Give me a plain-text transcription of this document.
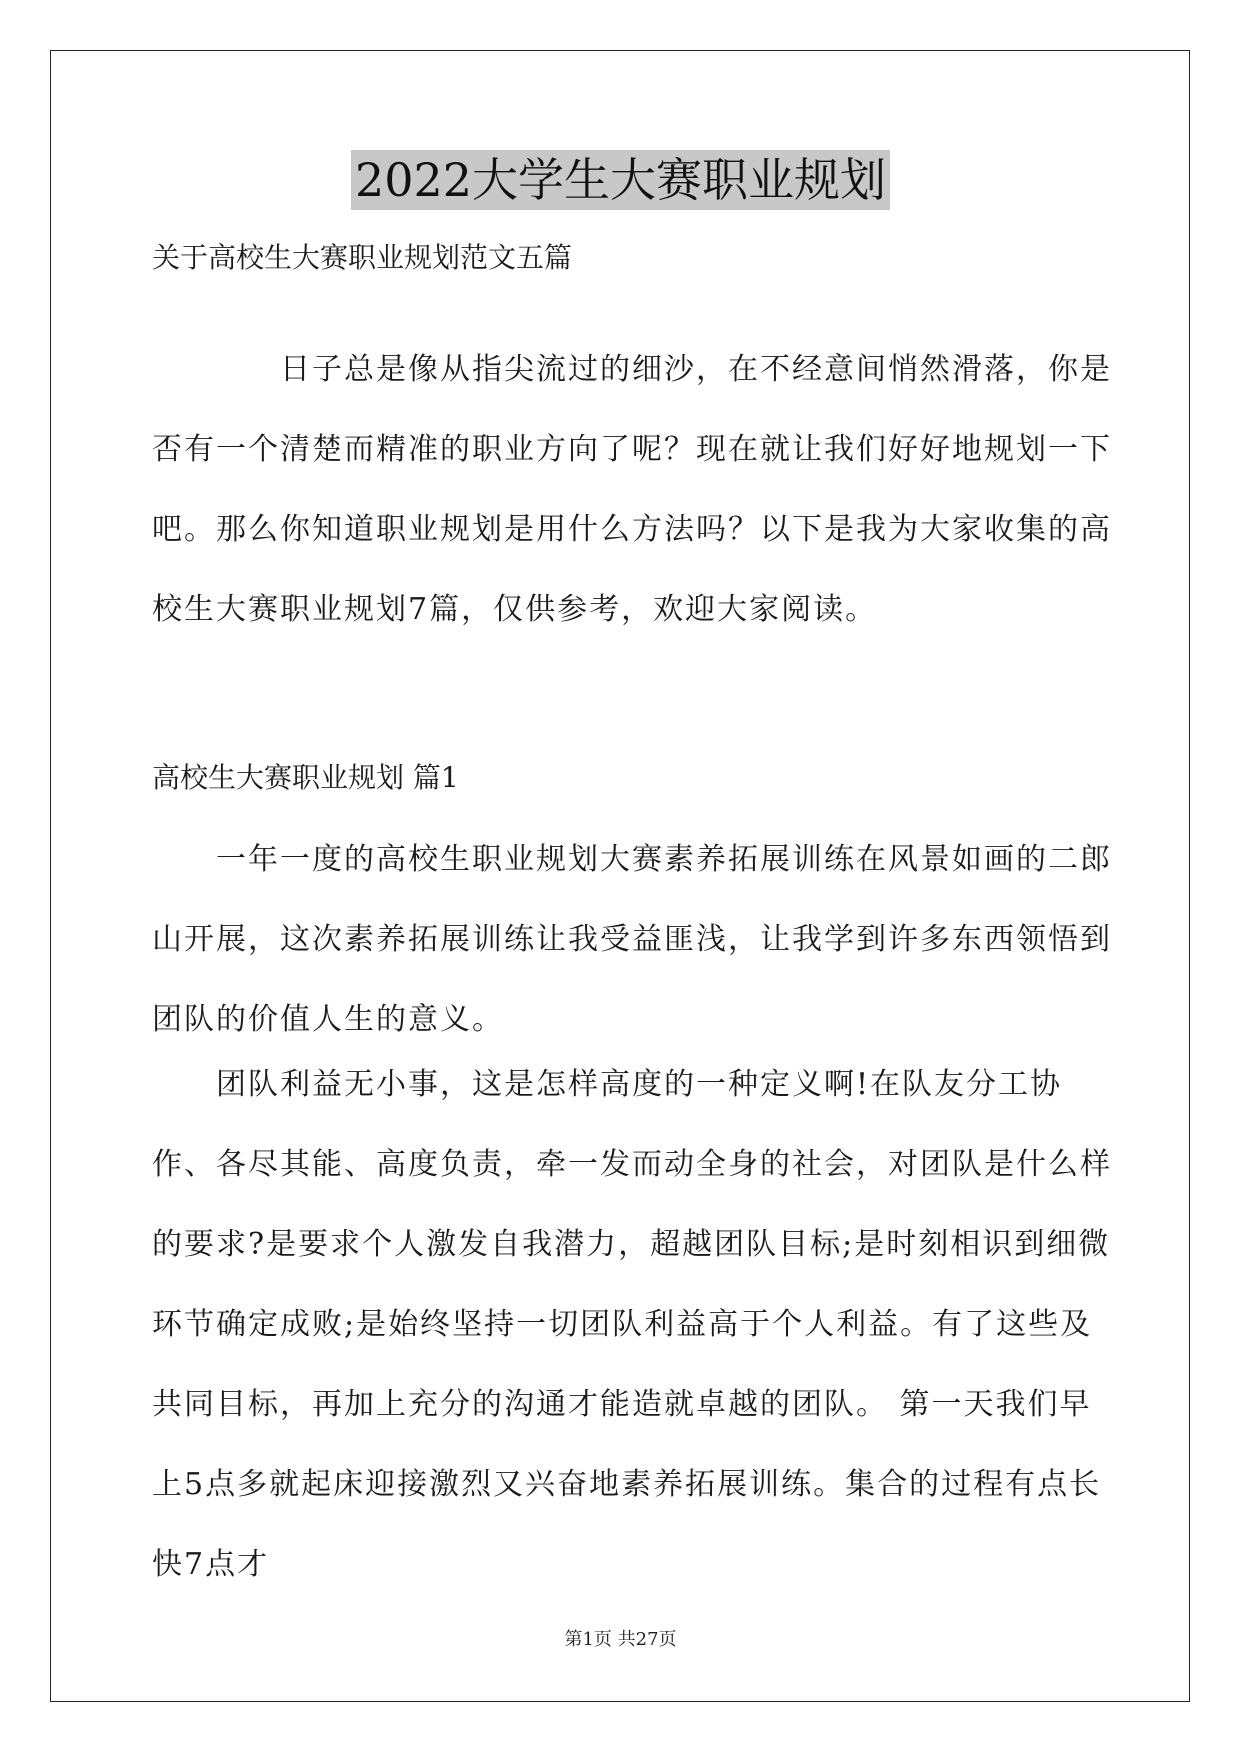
2022大学生大赛职业规划
关于高校生大赛职业规划范文五篇

日子总是像从指尖流过的细沙，在不经意间悄然滑落，你是否有一个清楚而精准的职业方向了呢？现在就让我们好好地规划一下吧。那么你知道职业规划是用什么方法吗？以下是我为大家收集的高校生大赛职业规划7篇，仅供参考，欢迎大家阅读。

高校生大赛职业规划 篇1

一年一度的高校生职业规划大赛素养拓展训练在风景如画的二郎山开展，这次素养拓展训练让我受益匪浅，让我学到许多东西领悟到团队的价值人生的意义。

团队利益无小事，这是怎样高度的一种定义啊!在队友分工协作、各尽其能、高度负责，牵一发而动全身的社会，对团队是什么样的要求?是要求个人激发自我潜力，超越团队目标;是时刻相识到细微环节确定成败;是始终坚持一切团队利益高于个人利益。有了这些及共同目标，再加上充分的沟通才能造就卓越的团队。 第一天我们早上5点多就起床迎接激烈又兴奋地素养拓展训练。集合的过程有点长快7点才

第1页 共27页
